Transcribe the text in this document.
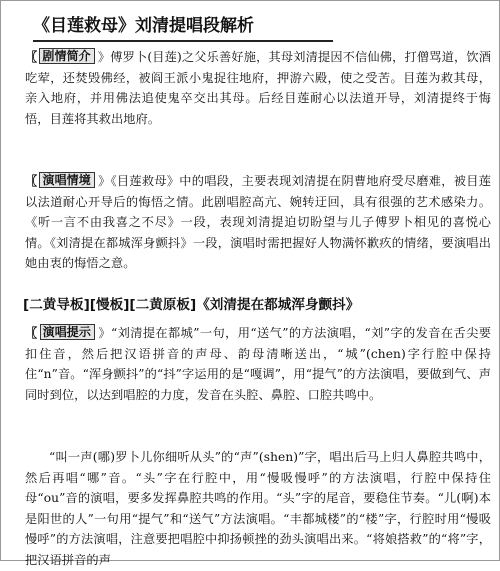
《目莲救母》刘清提唱段解析
〖 剧情简介 》傅罗卜(目莲)之父乐善好施，其母刘清提因不信仙佛，打僧骂道，饮酒吃荤，还焚毁佛经，被阎王派小鬼捉往地府，押游六殿，使之受苦。目莲为救其母，亲入地府，并用佛法追使鬼卒交出其母。后经目莲耐心以法道开导，刘清提终于悔悟，目莲将其救出地府。
〖 演唱情境 》《目莲救母》中的唱段，主要表现刘清提在阴曹地府受尽磨难，被目莲以法道耐心开导后的悔悟之情。此剧唱腔高亢、婉转迂回，具有很强的艺术感染力。《听一言不由我喜之不尽》一段，表现刘清提迫切盼望与儿子傅罗卜相见的喜悦心情。《刘清提在都城浑身颤抖》一段，演唱时需把握好人物满怀歉疚的情绪，要演唱出她由衷的悔悟之意。
[二黄导板][慢板][二黄原板]《刘清提在都城浑身颤抖》
〖 演唱提示 》“刘清提在都城”一句，用“送气”的方法演唱，“刘”字的发音在舌尖要扣住音，然后把汉语拼音的声母、韵母清晰送出，“城”(chen)字行腔中保持住“n”音。“浑身颤抖”的“抖”字运用的是“嘎调”，用“提气”的方法演唱，要做到气、声同时到位，以达到唱腔的力度，发音在头腔、鼻腔、口腔共鸣中。
“叫一声(哪)罗卜儿你细听从头”的“声”(shen)”字，唱出后马上归人鼻腔共鸣中，然后再唱“哪”音。“头”字在行腔中，用“慢吸慢呼”的方法演唱，行腔中保持住母“ou”音的演唱，要多发挥鼻腔共鸣的作用。“头”字的尾音，要稳住节奏。“儿(啊)本是阳世的人”一句用“提气”和“送气”方法演唱。“丰都城楼”的“楼”字，行腔时用“慢吸慢呼”的方法演唱，注意要把唱腔中抑扬顿挫的劲头演唱出来。“将娘搭救”的“将”字，把汉语拼音的声
